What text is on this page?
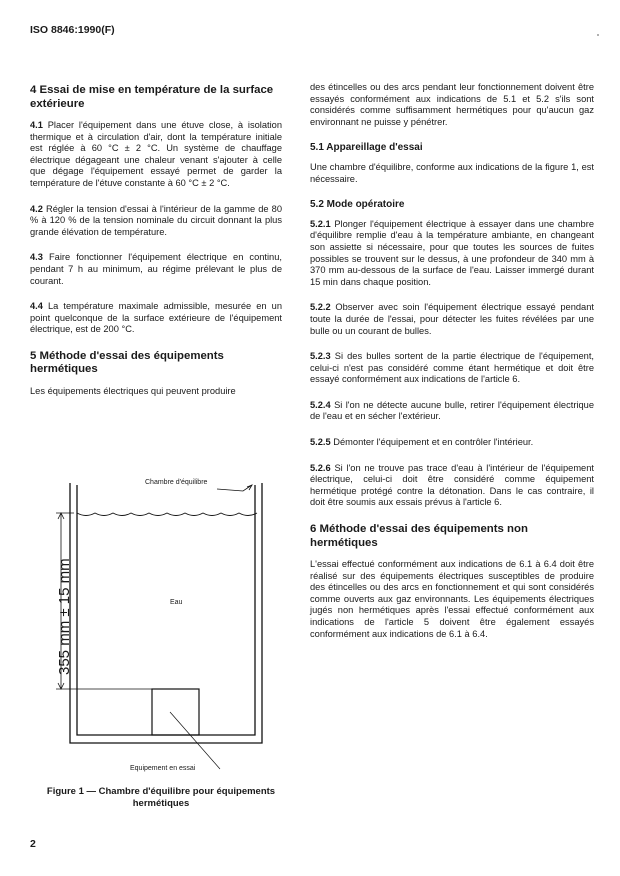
ISO 8846:1990(F)
4 Essai de mise en température de la surface extérieure

4.1 Placer l'équipement dans une étuve close, à isolation thermique et à circulation d'air, dont la température initiale est réglée à 60 °C ± 2 °C. Un système de chauffage électrique dégageant une chaleur venant s'ajouter à celle que dégage l'équipement essayé permet de garder la température de l'étuve constante à 60 °C ± 2 °C.

4.2 Régler la tension d'essai à l'intérieur de la gamme de 80 % à 120 % de la tension nominale du circuit donnant la plus grande élévation de température.

4.3 Faire fonctionner l'équipement électrique en continu, pendant 7 h au minimum, au régime prélevant le plus de courant.

4.4 La température maximale admissible, mesurée en un point quelconque de la surface extérieure de l'équipement électrique, est de 200 °C.

5 Méthode d'essai des équipements hermétiques

Les équipements électriques qui peuvent produire

Chambre d'équilibre
Eau
Equipement en essai
355 mm ± 15 mm
Figure 1 — Chambre d'équilibre pour équipements hermétiques

des étincelles ou des arcs pendant leur fonctionnement doivent être essayés conformément aux indications de 5.1 et 5.2 s'ils sont considérés comme suffisamment hermétiques pour qu'aucun gaz environnant ne puisse y pénétrer.

5.1 Appareillage d'essai

Une chambre d'équilibre, conforme aux indications de la figure 1, est nécessaire.

5.2 Mode opératoire

5.2.1 Plonger l'équipement électrique à essayer dans une chambre d'équilibre remplie d'eau à la température ambiante, en changeant son assiette si nécessaire, pour que toutes les sources de fuites possibles se trouvent sur le dessus, à une profondeur de 340 mm à 370 mm au-dessous de la surface de l'eau. Laisser immergé durant 15 min dans chaque position.

5.2.2 Observer avec soin l'équipement électrique essayé pendant toute la durée de l'essai, pour détecter les fuites révélées par une bulle ou un courant de bulles.

5.2.3 Si des bulles sortent de la partie électrique de l'équipement, celui-ci n'est pas considéré comme étant hermétique et doit être essayé conformément aux indications de l'article 6.

5.2.4 Si l'on ne détecte aucune bulle, retirer l'équipement électrique de l'eau et en sécher l'extérieur.

5.2.5 Démonter l'équipement et en contrôler l'intérieur.

5.2.6 Si l'on ne trouve pas trace d'eau à l'intérieur de l'équipement électrique, celui-ci doit être considéré comme équipement hermétique protégé contre la détonation. Dans le cas contraire, il doit être soumis aux essais prévus à l'article 6.

6 Méthode d'essai des équipements non hermétiques

L'essai effectué conformément aux indications de 6.1 à 6.4 doit être réalisé sur des équipements électriques susceptibles de produire des étincelles ou des arcs en fonctionnement et qui sont considérés comme ouverts aux gaz environnants. Les équipements électriques jugés non hermétiques après l'essai effectué conformément aux indications de l'article 5 doivent être également essayés conformément aux indications de 6.1 à 6.4.

2
